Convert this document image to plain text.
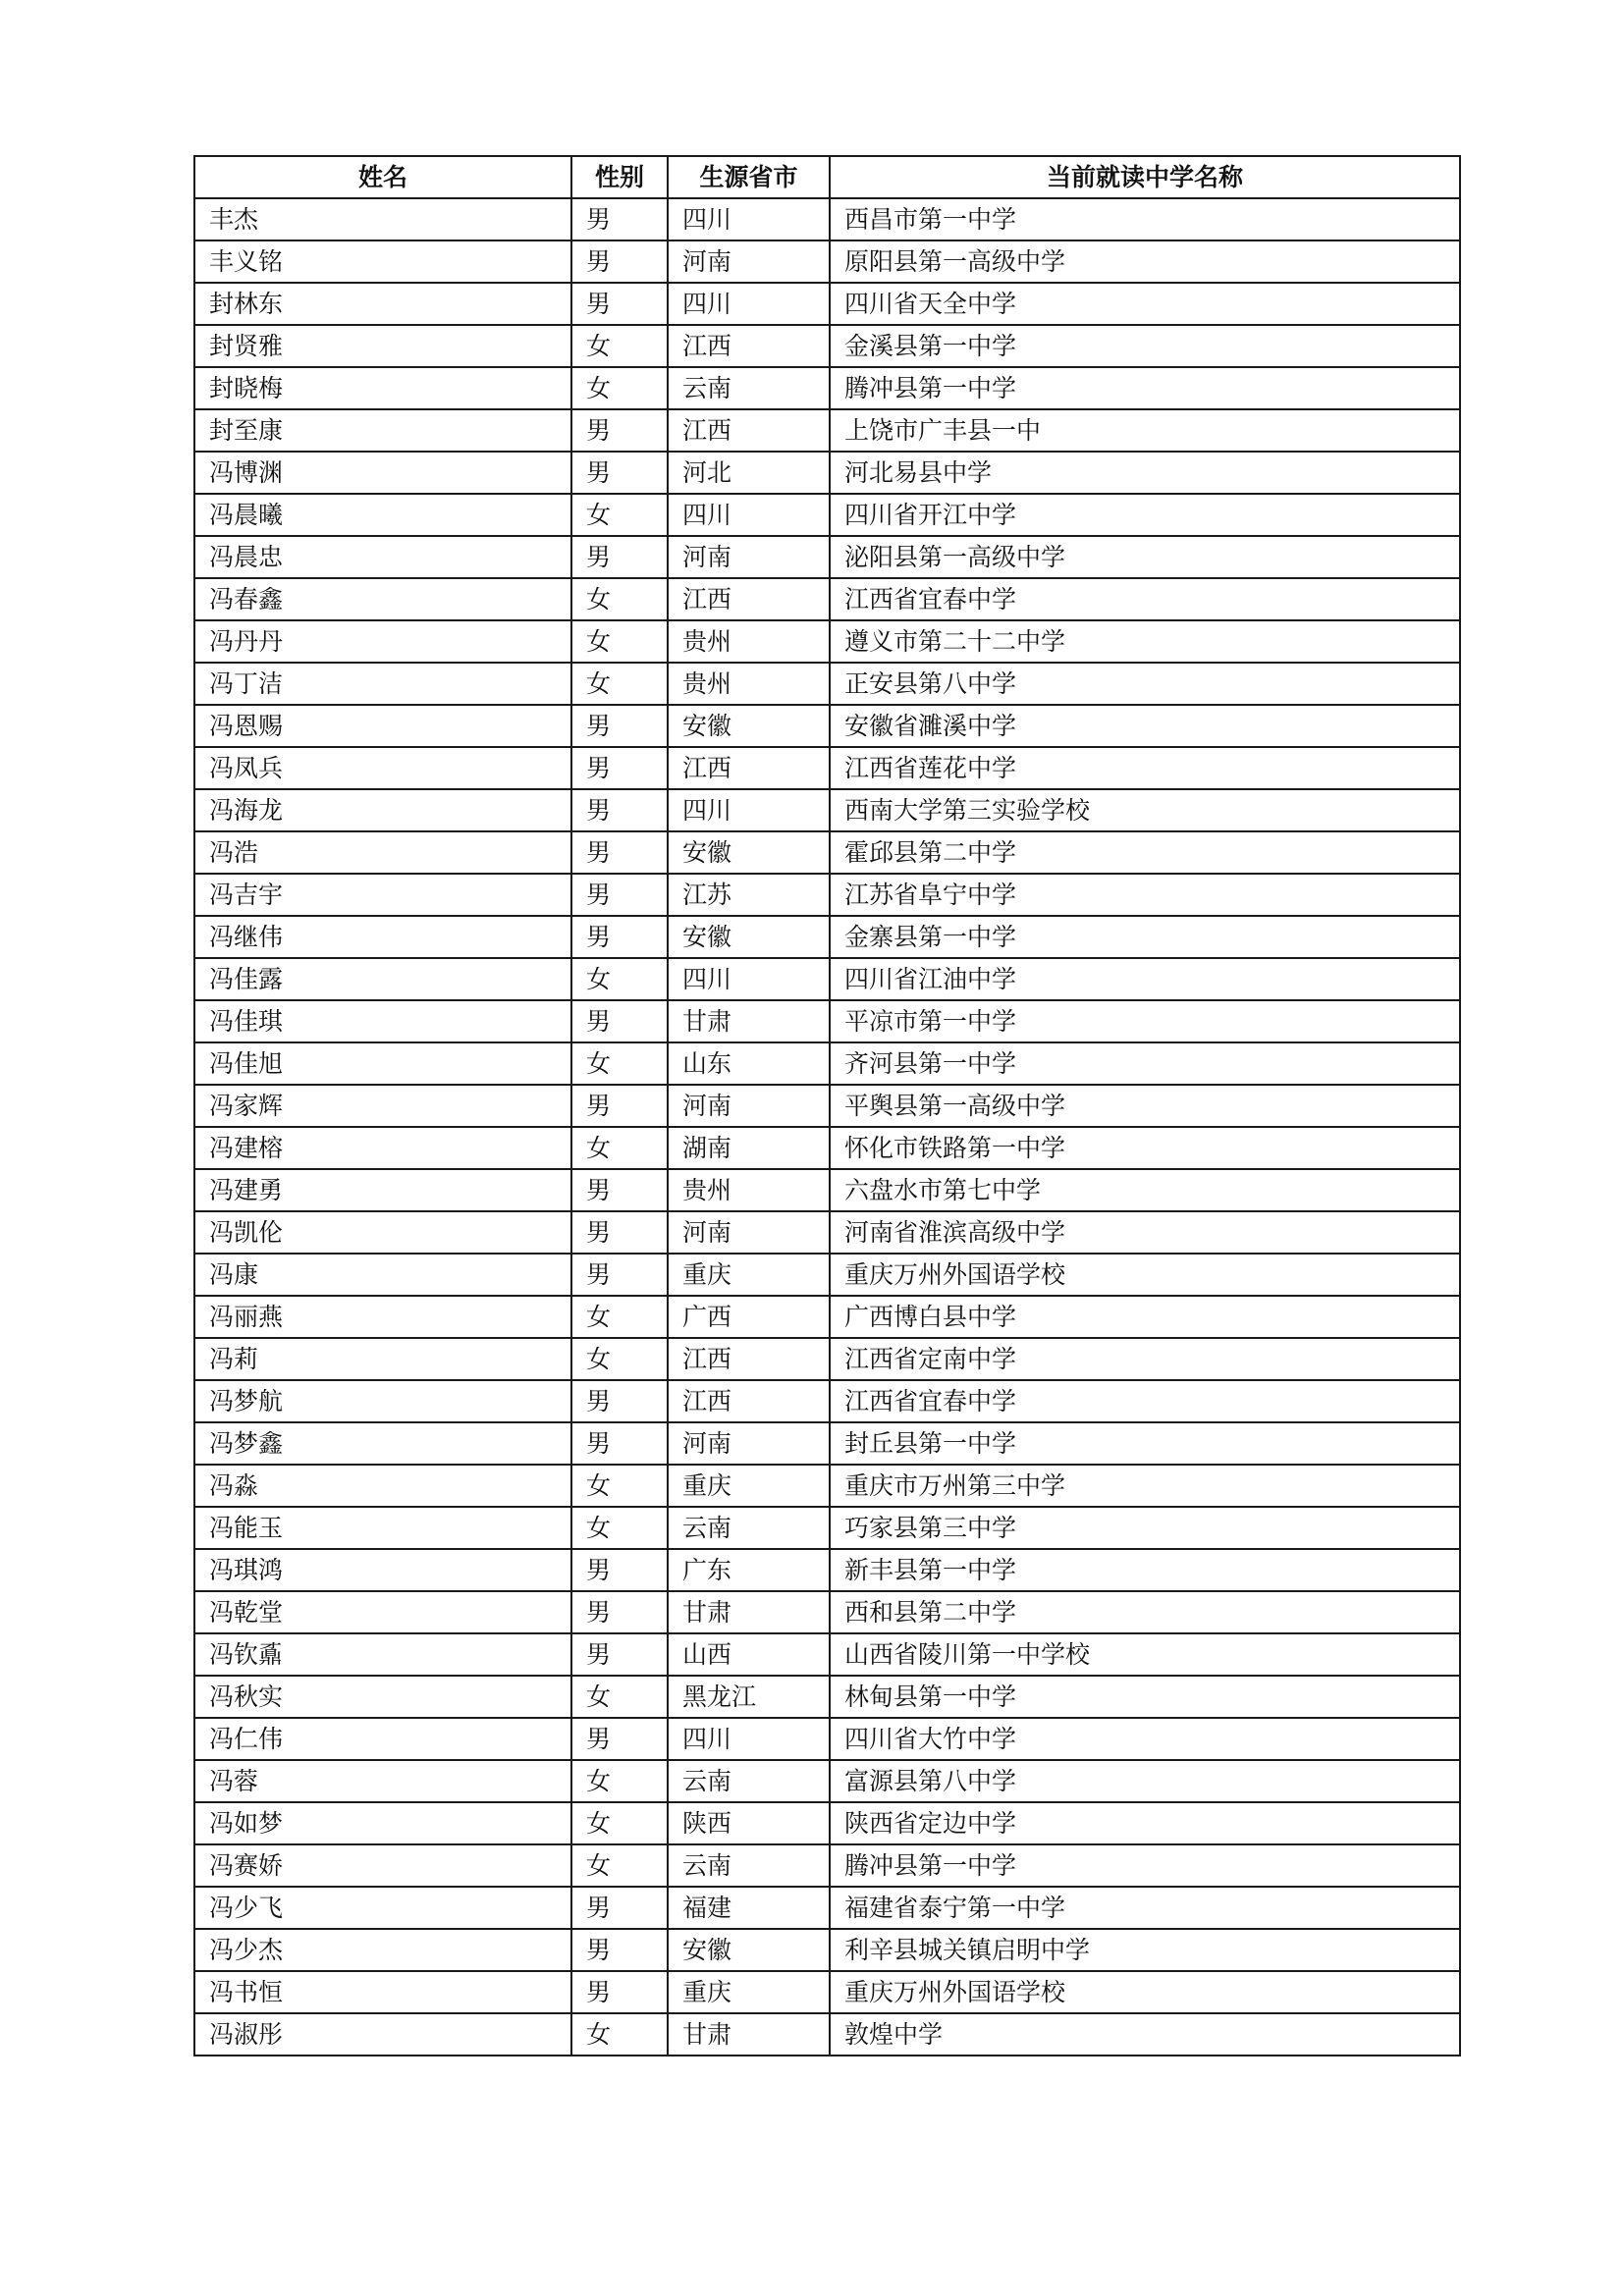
姓名	性别	生源省市	当前就读中学名称
丰杰	男	四川	西昌市第一中学
丰义铭	男	河南	原阳县第一高级中学
封林东	男	四川	四川省天全中学
封贤雅	女	江西	金溪县第一中学
封晓梅	女	云南	腾冲县第一中学
封至康	男	江西	上饶市广丰县一中
冯博渊	男	河北	河北易县中学
冯晨曦	女	四川	四川省开江中学
冯晨忠	男	河南	泌阳县第一高级中学
冯春鑫	女	江西	江西省宜春中学
冯丹丹	女	贵州	遵义市第二十二中学
冯丁洁	女	贵州	正安县第八中学
冯恩赐	男	安徽	安徽省濉溪中学
冯凤兵	男	江西	江西省莲花中学
冯海龙	男	四川	西南大学第三实验学校
冯浩	男	安徽	霍邱县第二中学
冯吉宇	男	江苏	江苏省阜宁中学
冯继伟	男	安徽	金寨县第一中学
冯佳露	女	四川	四川省江油中学
冯佳琪	男	甘肃	平凉市第一中学
冯佳旭	女	山东	齐河县第一中学
冯家辉	男	河南	平舆县第一高级中学
冯建榕	女	湖南	怀化市铁路第一中学
冯建勇	男	贵州	六盘水市第七中学
冯凯伦	男	河南	河南省淮滨高级中学
冯康	男	重庆	重庆万州外国语学校
冯丽燕	女	广西	广西博白县中学
冯莉	女	江西	江西省定南中学
冯梦航	男	江西	江西省宜春中学
冯梦鑫	男	河南	封丘县第一中学
冯淼	女	重庆	重庆市万州第三中学
冯能玉	女	云南	巧家县第三中学
冯琪鸿	男	广东	新丰县第一中学
冯乾堂	男	甘肃	西和县第二中学
冯钦鼒	男	山西	山西省陵川第一中学校
冯秋实	女	黑龙江	林甸县第一中学
冯仁伟	男	四川	四川省大竹中学
冯蓉	女	云南	富源县第八中学
冯如梦	女	陕西	陕西省定边中学
冯赛娇	女	云南	腾冲县第一中学
冯少飞	男	福建	福建省泰宁第一中学
冯少杰	男	安徽	利辛县城关镇启明中学
冯书恒	男	重庆	重庆万州外国语学校
冯淑彤	女	甘肃	敦煌中学
